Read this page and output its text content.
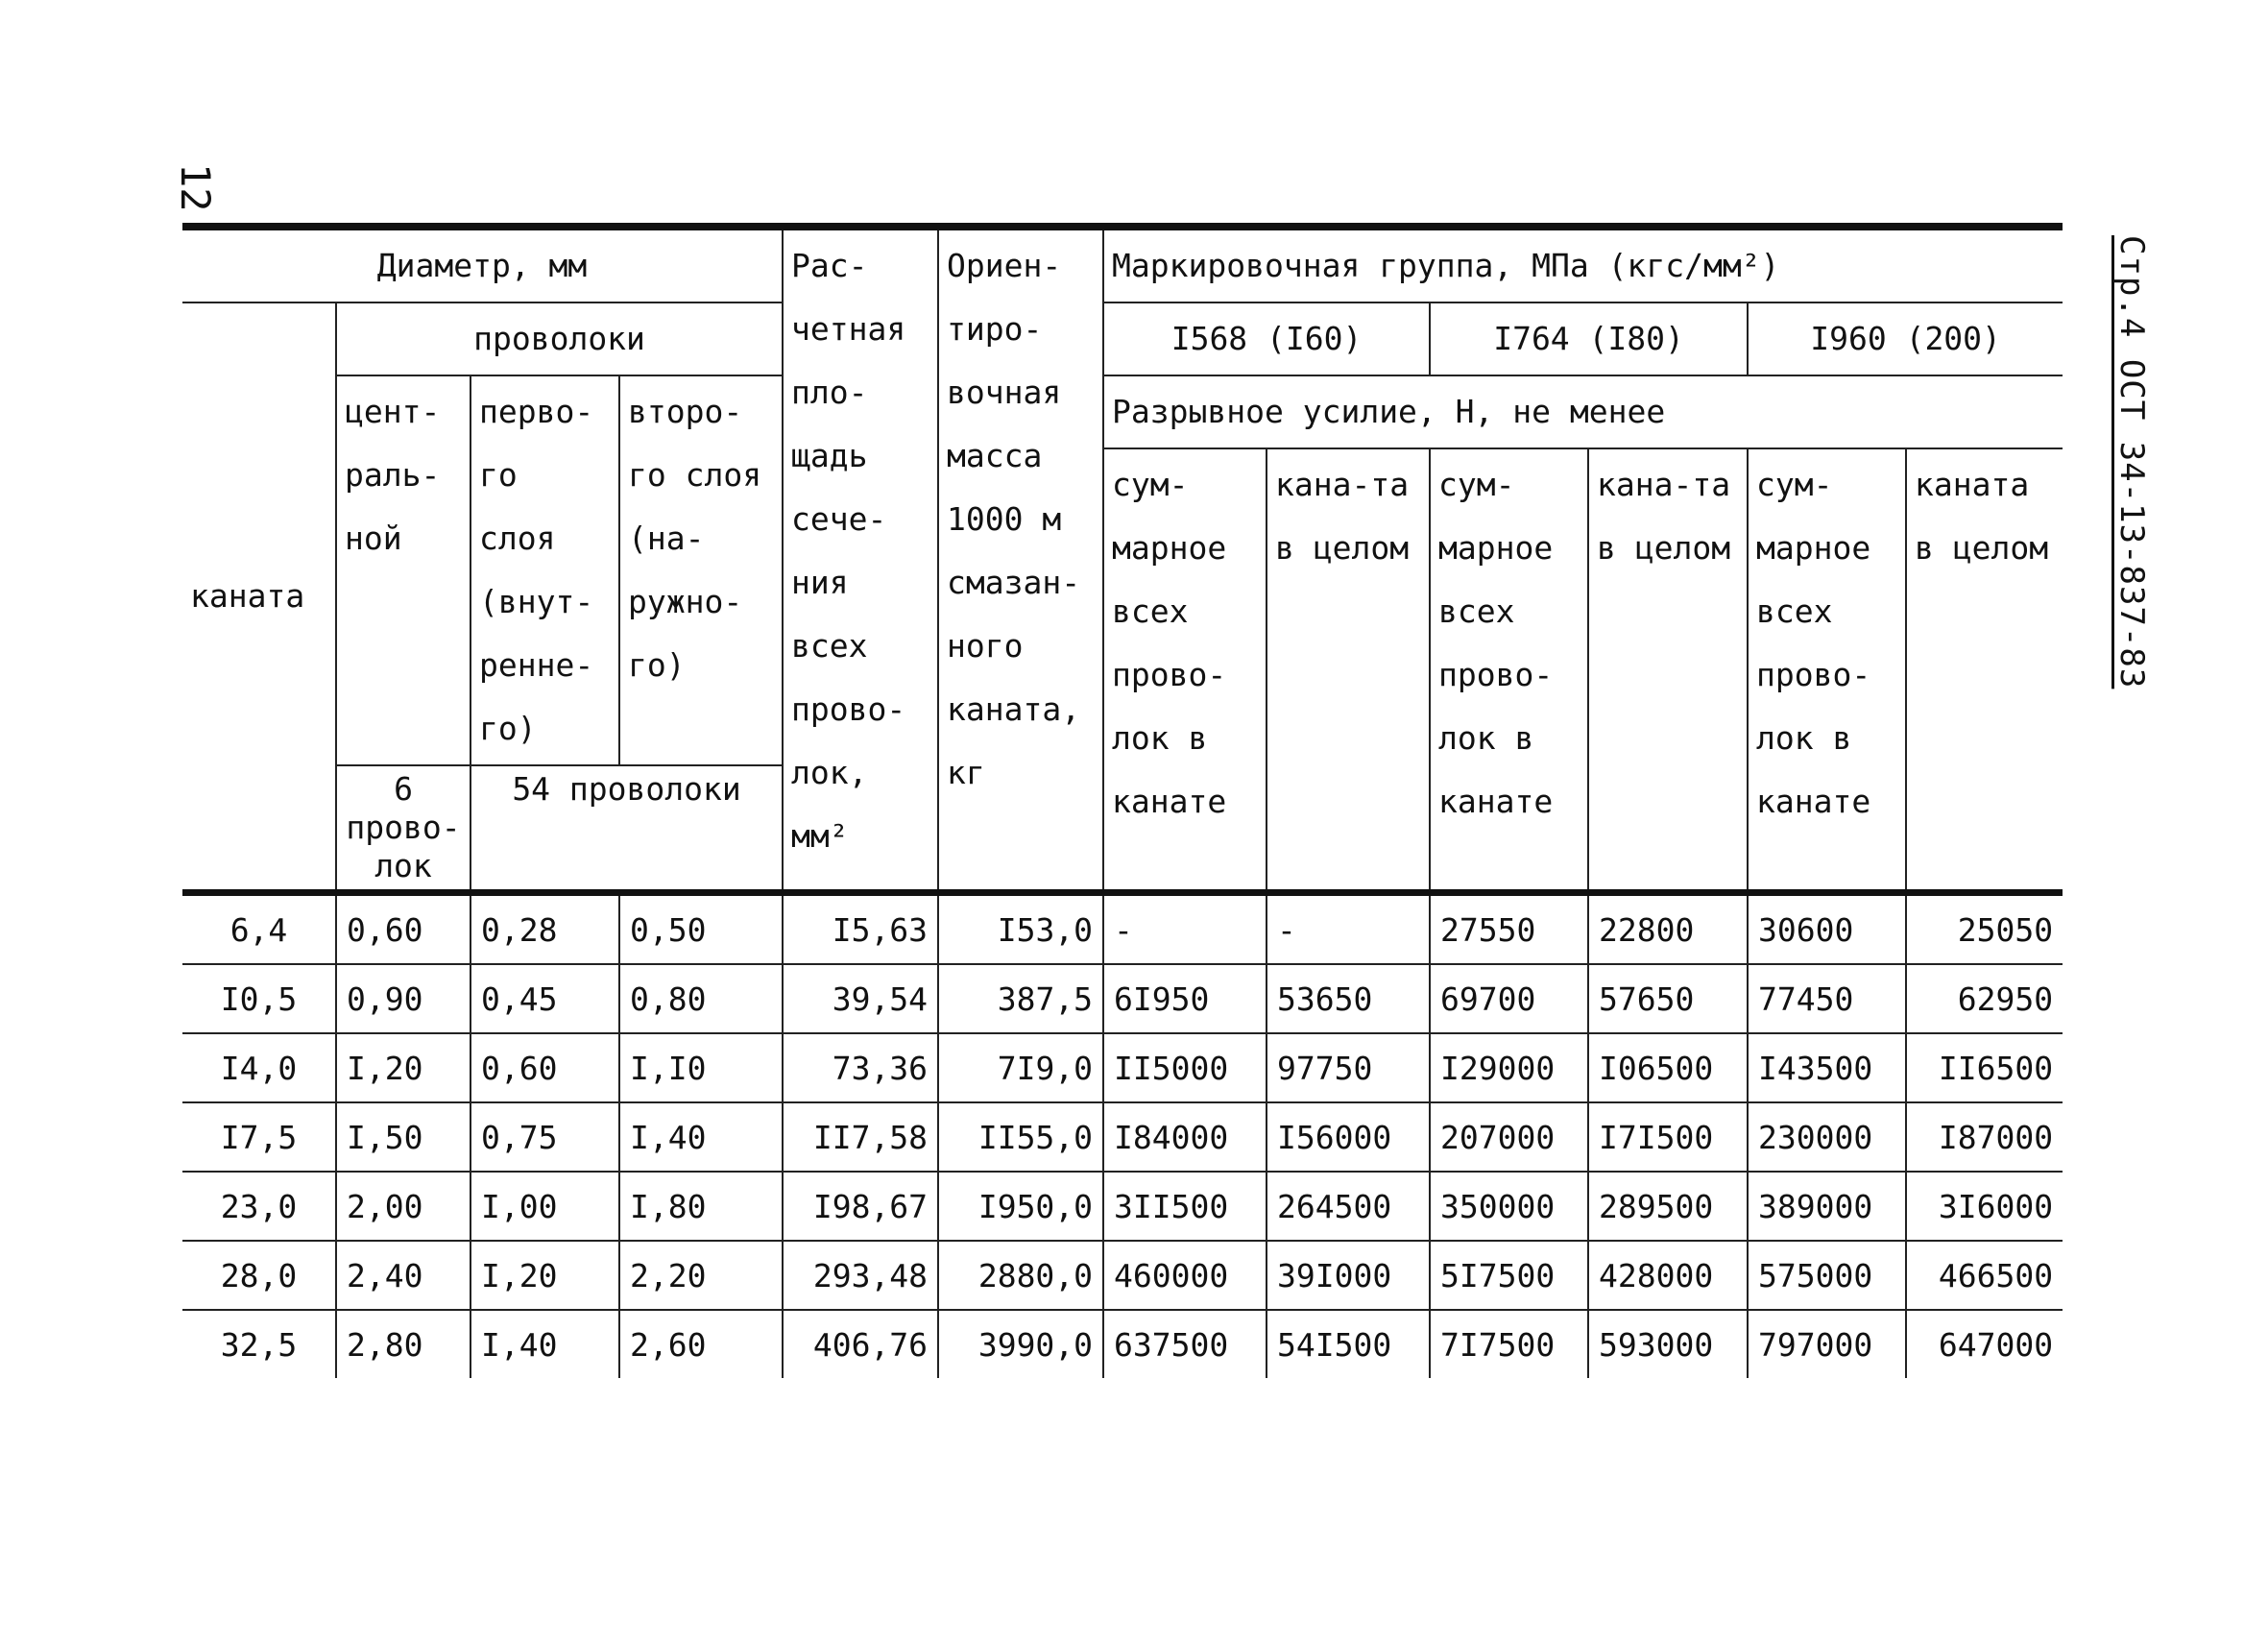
12
Стр.4 ОСТ 34-13-837-83
Диаметр, мм				Рас-четная пло-щадь сече-ния всех прово-лок, мм²	Ориен-тиро-вочная масса 1000 м смазан-ного каната, кг	Маркировочная группа, МПа (кгс/мм²)					
каната	проволоки					I568 (I60)		I764 (I80)		I960 (200)	
	цент-раль-ной	перво-го слоя (внут-ренне-го)	второ-го слоя (на-ружно-го)			Разрывное усилие, Н, не менее					
						сум-марное всех прово-лок в канате	кана-та в целом	сум-марное всех прово-лок в канате	кана-та в целом	сум-марное всех прово-лок в канате	каната в целом
	6 прово-лок	54 проволоки									
6,4	0,60	0,28	0,50	I5,63	I53,0	-	-	27550	22800	30600	25050
I0,5	0,90	0,45	0,80	39,54	387,5	6I950	53650	69700	57650	77450	62950
I4,0	I,20	0,60	I,I0	73,36	7I9,0	II5000	97750	I29000	I06500	I43500	II6500
I7,5	I,50	0,75	I,40	II7,58	II55,0	I84000	I56000	207000	I7I500	230000	I87000
23,0	2,00	I,00	I,80	I98,67	I950,0	3II500	264500	350000	289500	389000	3I6000
28,0	2,40	I,20	2,20	293,48	2880,0	460000	39I000	5I7500	428000	575000	466500
32,5	2,80	I,40	2,60	406,76	3990,0	637500	54I500	7I7500	593000	797000	647000
